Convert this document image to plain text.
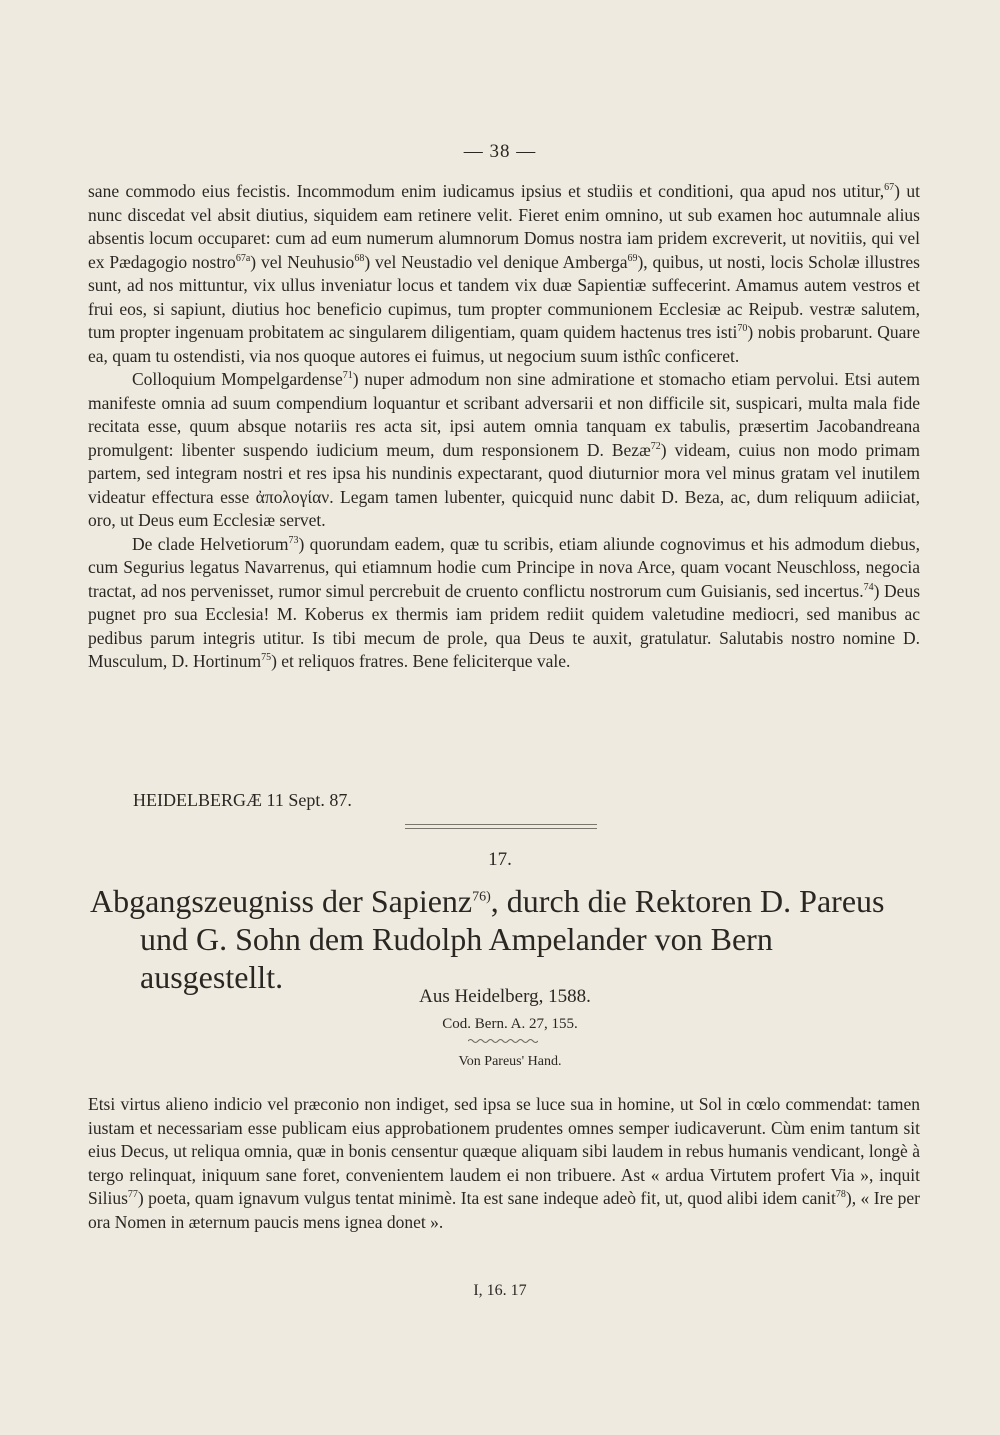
— 38 —

sane commodo eius fecistis. Incommodum enim iudicamus ipsius et studiis et conditioni, qua apud nos utitur,$^{67}$) ut nunc discedat vel absit diutius, siquidem eam retinere velit. Fieret enim omnino, ut sub examen hoc autumnale alius absentis locum occuparet: cum ad eum numerum alumnorum Domus nostra iam pridem excreverit, ut novitiis, qui vel ex Pædagogio nostro$^{67a}$) vel Neuhusio$^{68}$) vel Neustadio vel denique Amberga$^{69}$), quibus, ut nosti, locis Scholæ illustres sunt, ad nos mittuntur, vix ullus inveniatur locus et tandem vix duæ Sapientiæ suffecerint. Amamus autem vestros et frui eos, si sapiunt, diutius hoc beneficio cupimus, tum propter communionem Ecclesiæ ac Reipub. vestræ salutem, tum propter ingenuam probitatem ac singularem diligentiam, quam quidem hactenus tres isti$^{70}$) nobis probarunt. Quare ea, quam tu ostendisti, via nos quoque autores ei fuimus, ut negocium suum isthîc conficeret.

Colloquium Mompelgardense$^{71}$) nuper admodum non sine admiratione et stomacho etiam pervolui. Etsi autem manifeste omnia ad suum compendium loquantur et scribant adversarii et non difficile sit, suspicari, multa mala fide recitata esse, quum absque notariis res acta sit, ipsi autem omnia tanquam ex tabulis, præsertim Jacobandreana promulgent: libenter suspendo iudicium meum, dum responsionem D. Bezæ$^{72}$) videam, cuius non modo primam partem, sed integram nostri et res ipsa his nundinis expectarant, quod diuturnior mora vel minus gratam vel inutilem videatur effectura esse ἀπολογίαν. Legam tamen lubenter, quicquid nunc dabit D. Beza, ac, dum reliquum adiiciat, oro, ut Deus eum Ecclesiæ servet.

De clade Helvetiorum$^{73}$) quorundam eadem, quæ tu scribis, etiam aliunde cognovimus et his admodum diebus, cum Segurius legatus Navarrenus, qui etiamnum hodie cum Principe in nova Arce, quam vocant Neuschloss, negocia tractat, ad nos pervenisset, rumor simul percrebuit de cruento conflictu nostrorum cum Guisianis, sed incertus.$^{74}$) Deus pugnet pro sua Ecclesia! M. Koberus ex thermis iam pridem rediit quidem valetudine mediocri, sed manibus ac pedibus parum integris utitur. Is tibi mecum de prole, qua Deus te auxit, gratulatur. Salutabis nostro nomine D. Musculum, D. Hortinum$^{75}$) et reliquos fratres. Bene feliciterque vale.

HEIDELBERGÆ 11 Sept. 87.
17.
Abgangszeugniss der Sapienz$^{76)}$, durch die Rektoren D. Pareus
und G. Sohn dem Rudolph Ampelander von Bern
ausgestellt.
Aus Heidelberg, 1588.
Cod. Bern. A. 27, 155.
Von Pareus' Hand.

Etsi virtus alieno indicio vel præconio non indiget, sed ipsa se luce sua in homine, ut Sol in cœlo commendat: tamen iustam et necessariam esse publicam eius approbationem prudentes omnes semper iudicaverunt. Cùm enim tantum sit eius Decus, ut reliqua omnia, quæ in bonis censentur quæque aliquam sibi laudem in rebus humanis vendicant, longè à tergo relinquat, iniquum sane foret, convenientem laudem ei non tribuere. Ast « ardua Virtutem profert Via », inquit Silius$^{77}$) poeta, quam ignavum vulgus tentat minimè. Ita est sane indeque adeò fit, ut, quod alibi idem canit$^{78}$), « Ire per ora Nomen in æternum paucis mens ignea donet ».

I, 16. 17
